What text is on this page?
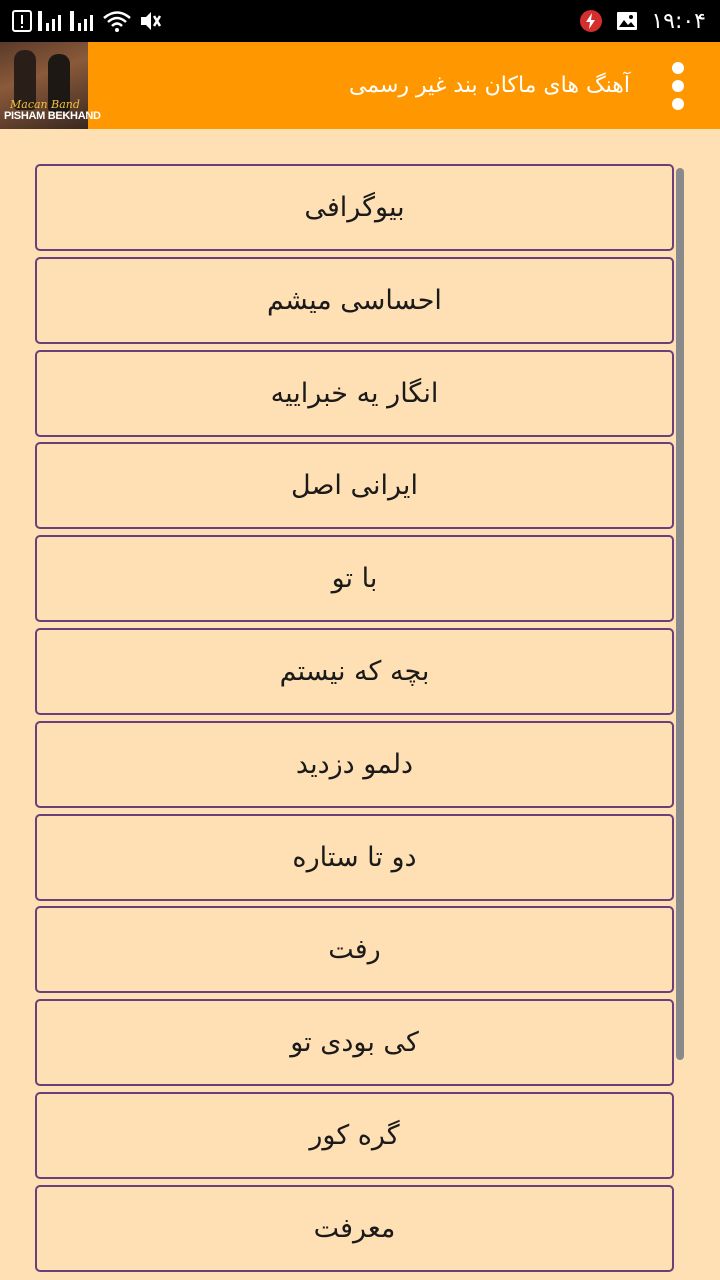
۱۹:۰۴
Macan Band
PISHAM BEKHAND
آهنگ های ماکان بند غیر رسمی
بیوگرافی
احساسی میشم
انگار یه خبراییه
ایرانی اصل
با تو
بچه که نیستم
دلمو دزدید
دو تا ستاره
رفت
کی بودی تو
گره کور
معرفت
